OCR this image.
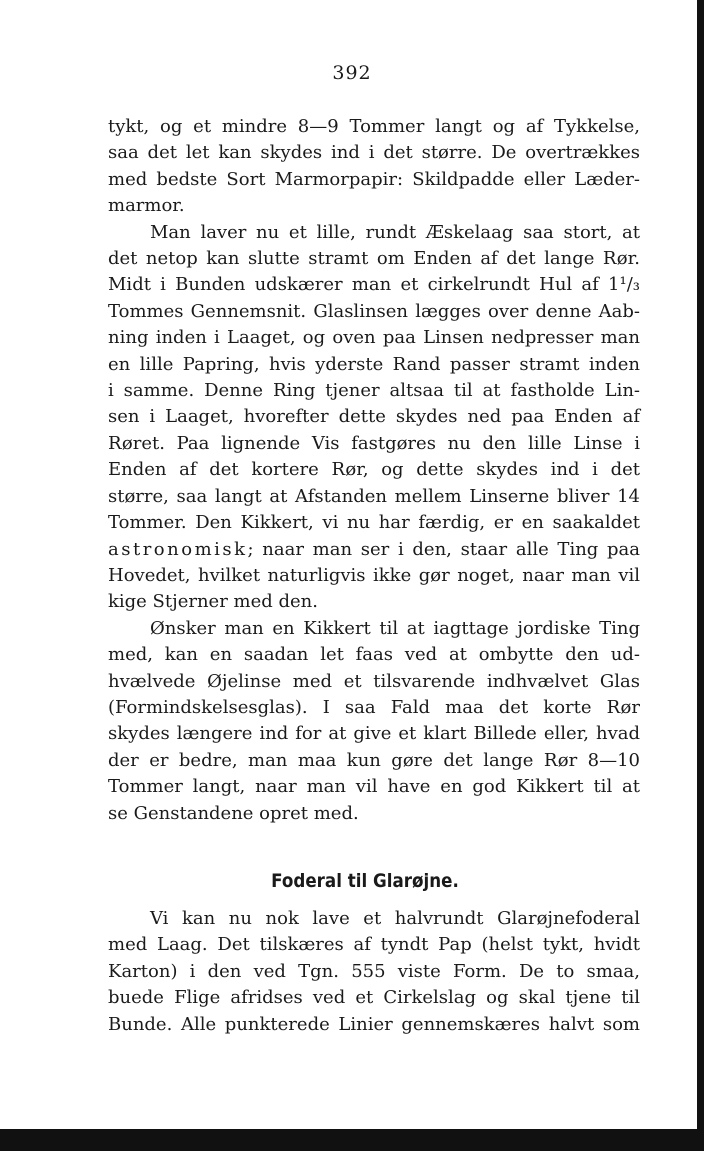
392
tykt, og et mindre 8—9 Tommer langt og af Tykkelse,
saa det let kan skydes ind i det større. De overtrækkes
med bedste Sort Marmorpapir: Skildpadde eller Læder-
marmor.
Man laver nu et lille, rundt Æskelaag saa stort, at
det netop kan slutte stramt om Enden af det lange Rør.
Midt i Bunden udskærer man et cirkelrundt Hul af 1¹/₃
Tommes Gennemsnit. Glaslinsen lægges over denne Aab-
ning inden i Laaget, og oven paa Linsen nedpresser man
en lille Papring, hvis yderste Rand passer stramt inden
i samme. Denne Ring tjener altsaa til at fastholde Lin-
sen i Laaget, hvorefter dette skydes ned paa Enden af
Røret. Paa lignende Vis fastgøres nu den lille Linse i
Enden af det kortere Rør, og dette skydes ind i det
større, saa langt at Afstanden mellem Linserne bliver 14
Tommer. Den Kikkert, vi nu har færdig, er en saakaldet
astronomisk; naar man ser i den, staar alle Ting paa
Hovedet, hvilket naturligvis ikke gør noget, naar man vil
kige Stjerner med den.
Ønsker man en Kikkert til at iagttage jordiske Ting
med, kan en saadan let faas ved at ombytte den ud-
hvælvede Øjelinse med et tilsvarende indhvælvet Glas
(Formindskelsesglas). I saa Fald maa det korte Rør
skydes længere ind for at give et klart Billede eller, hvad
der er bedre, man maa kun gøre det lange Rør 8—10
Tommer langt, naar man vil have en god Kikkert til at
se Genstandene opret med.
Foderal til Glarøjne.
Vi kan nu nok lave et halvrundt Glarøjnefoderal
med Laag. Det tilskæres af tyndt Pap (helst tykt, hvidt
Karton) i den ved Tgn. 555 viste Form. De to smaa,
buede Flige afridses ved et Cirkelslag og skal tjene til
Bunde. Alle punkterede Linier gennemskæres halvt som
